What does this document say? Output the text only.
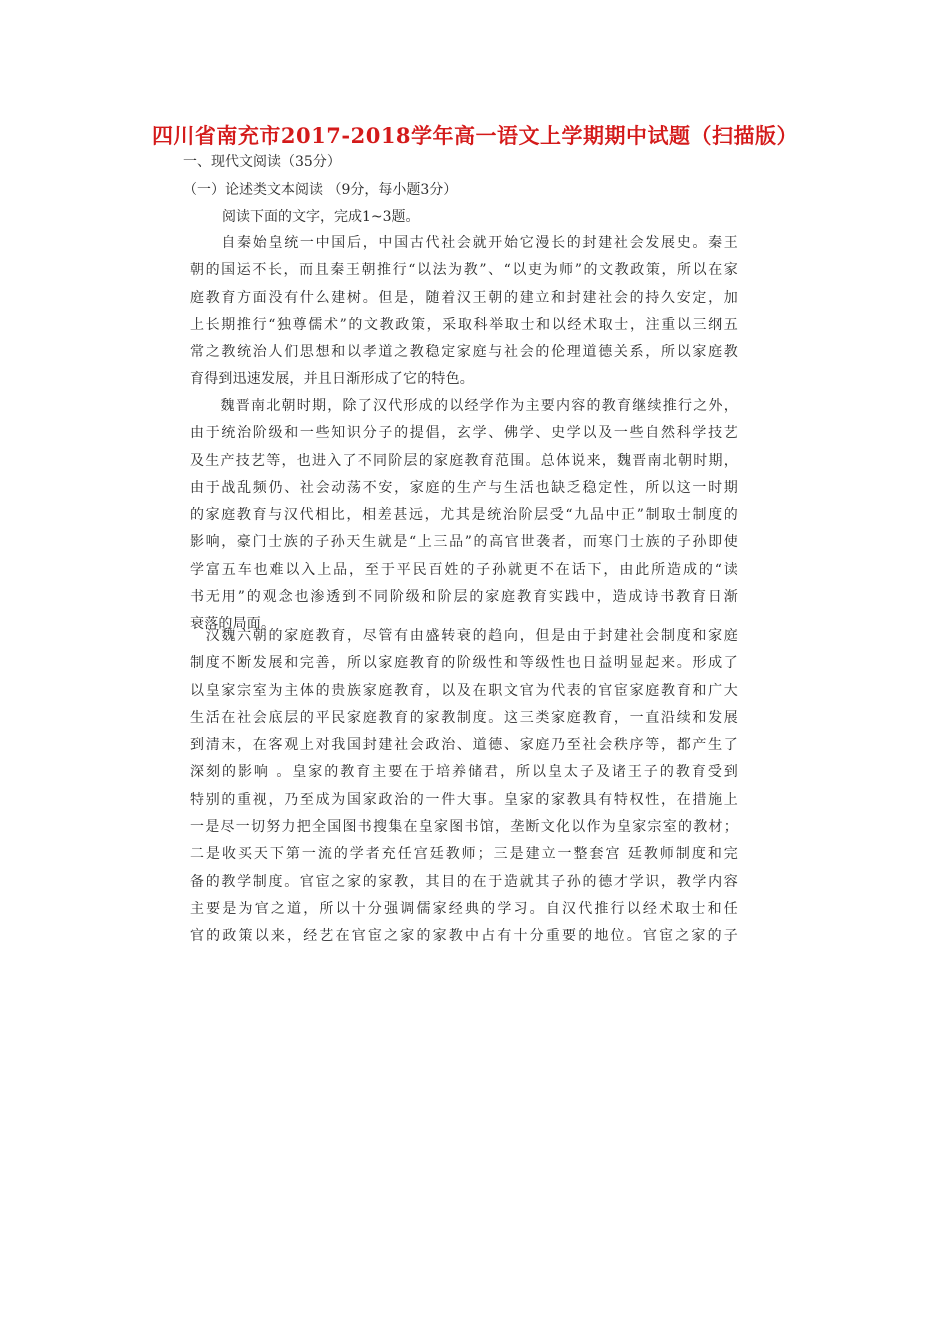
四川省南充市2017-2018学年高一语文上学期期中试题（扫描版）
一、现代文阅读（35分）
（一）论述类文本阅读 （9分，每小题3分）
阅读下面的文字，完成1~3题。
　　自秦始皇统一中国后，中国古代社会就开始它漫长的封建社会发展史。秦王
朝的国运不长，而且秦王朝推行“以法为教”、“以吏为师”的文教政策，所以在家
庭教育方面没有什么建树。但是，随着汉王朝的建立和封建社会的持久安定，加
上长期推行“独尊儒术”的文教政策，采取科举取士和以经术取士，注重以三纲五
常之教统治人们思想和以孝道之教稳定家庭与社会的伦理道德关系，所以家庭教
育得到迅速发展，并且日渐形成了它的特色。
　　魏晋南北朝时期，除了汉代形成的以经学作为主要内容的教育继续推行之外，
由于统治阶级和一些知识分子的提倡，玄学、佛学、史学以及一些自然科学技艺
及生产技艺等，也进入了不同阶层的家庭教育范围。总体说来，魏晋南北朝时期，
由于战乱频仍、社会动荡不安，家庭的生产与生活也缺乏稳定性，所以这一时期
的家庭教育与汉代相比，相差甚远，尤其是统治阶层受“九品中正”制取士制度的
影响，豪门士族的子孙天生就是“上三品”的高官世袭者，而寒门士族的子孙即使
学富五车也难以入上品，至于平民百姓的子孙就更不在话下，由此所造成的“读
书无用”的观念也渗透到不同阶级和阶层的家庭教育实践中，造成诗书教育日渐
衰落的局面。
　汉魏六朝的家庭教育，尽管有由盛转衰的趋向，但是由于封建社会制度和家庭
制度不断发展和完善，所以家庭教育的阶级性和等级性也日益明显起来。形成了
以皇家宗室为主体的贵族家庭教育，以及在职文官为代表的官宦家庭教育和广大
生活在社会底层的平民家庭教育的家教制度。这三类家庭教育，一直沿续和发展
到清末，在客观上对我国封建社会政治、道德、家庭乃至社会秩序等，都产生了
深刻的影响 。皇家的教育主要在于培养储君，所以皇太子及诸王子的教育受到
特别的重视，乃至成为国家政治的一件大事。皇家的家教具有特权性，在措施上
一是尽一切努力把全国图书搜集在皇家图书馆，垄断文化以作为皇家宗室的教材；
二是收买天下第一流的学者充任宫廷教师；三是建立一整套宫 廷教师制度和完
备的教学制度。官宦之家的家教，其目的在于造就其子孙的德才学识，教学内容
主要是为官之道，所以十分强调儒家经典的学习。自汉代推行以经术取士和任
官的政策以来，经艺在官宦之家的家教中占有十分重要的地位。官宦之家的子
